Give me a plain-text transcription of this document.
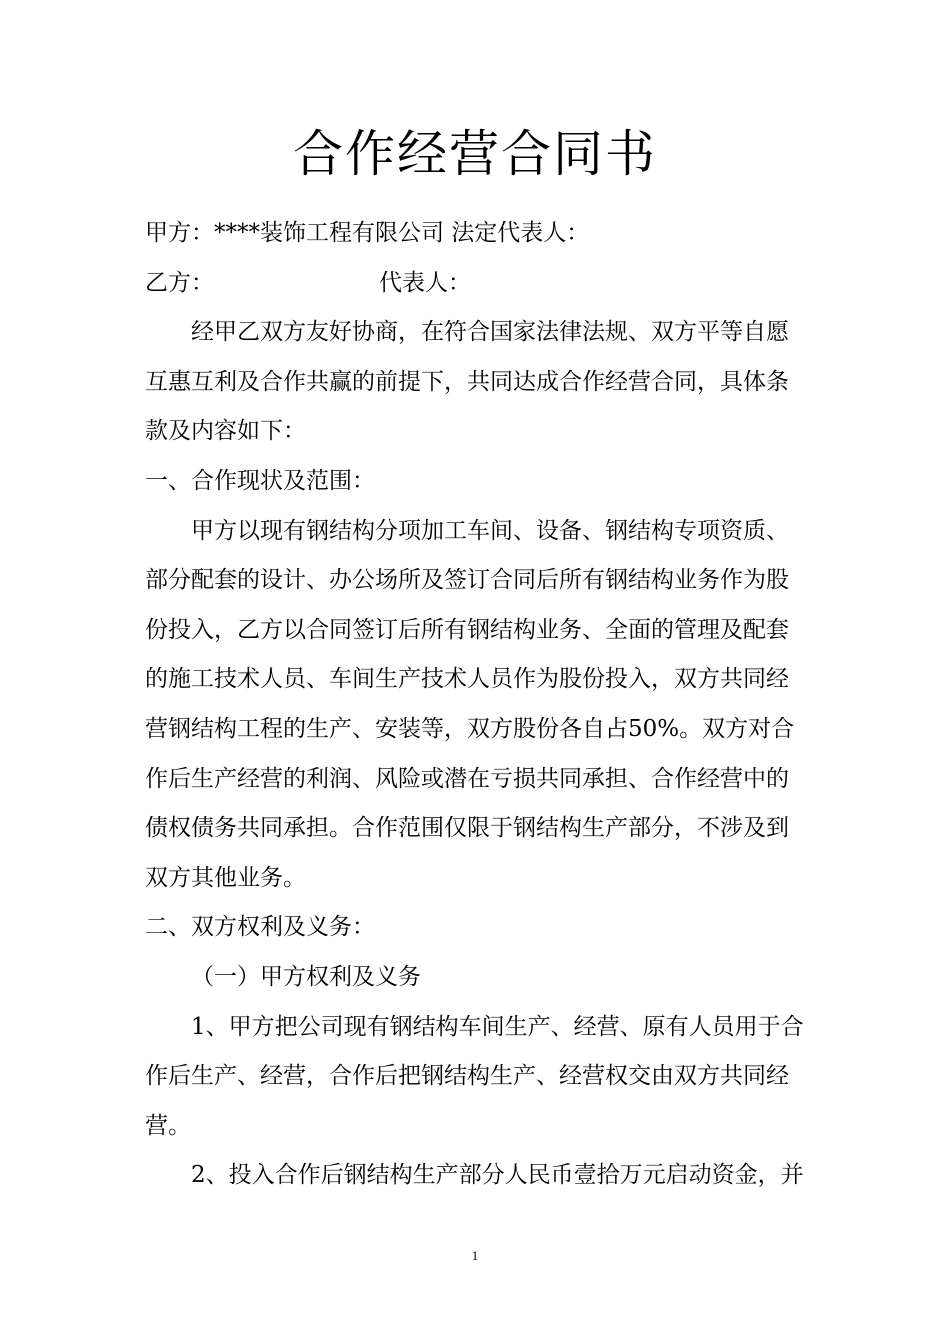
合作经营合同书
甲方：****装饰工程有限公司 法定代表人：
乙方：	代表人：
经甲乙双方友好协商，在符合国家法律法规、双方平等自愿
互惠互利及合作共赢的前提下，共同达成合作经营合同，具体条
款及内容如下：
一、合作现状及范围：
甲方以现有钢结构分项加工车间、设备、钢结构专项资质、
部分配套的设计、办公场所及签订合同后所有钢结构业务作为股
份投入，乙方以合同签订后所有钢结构业务、全面的管理及配套
的施工技术人员、车间生产技术人员作为股份投入，双方共同经
营钢结构工程的生产、安装等，双方股份各自占50%。双方对合
作后生产经营的利润、风险或潜在亏损共同承担、合作经营中的
债权债务共同承担。合作范围仅限于钢结构生产部分，不涉及到
双方其他业务。
二、双方权利及义务：
（一）甲方权利及义务
1、甲方把公司现有钢结构车间生产、经营、原有人员用于合
作后生产、经营，合作后把钢结构生产、经营权交由双方共同经
营。
2、投入合作后钢结构生产部分人民币壹拾万元启动资金，并
1
